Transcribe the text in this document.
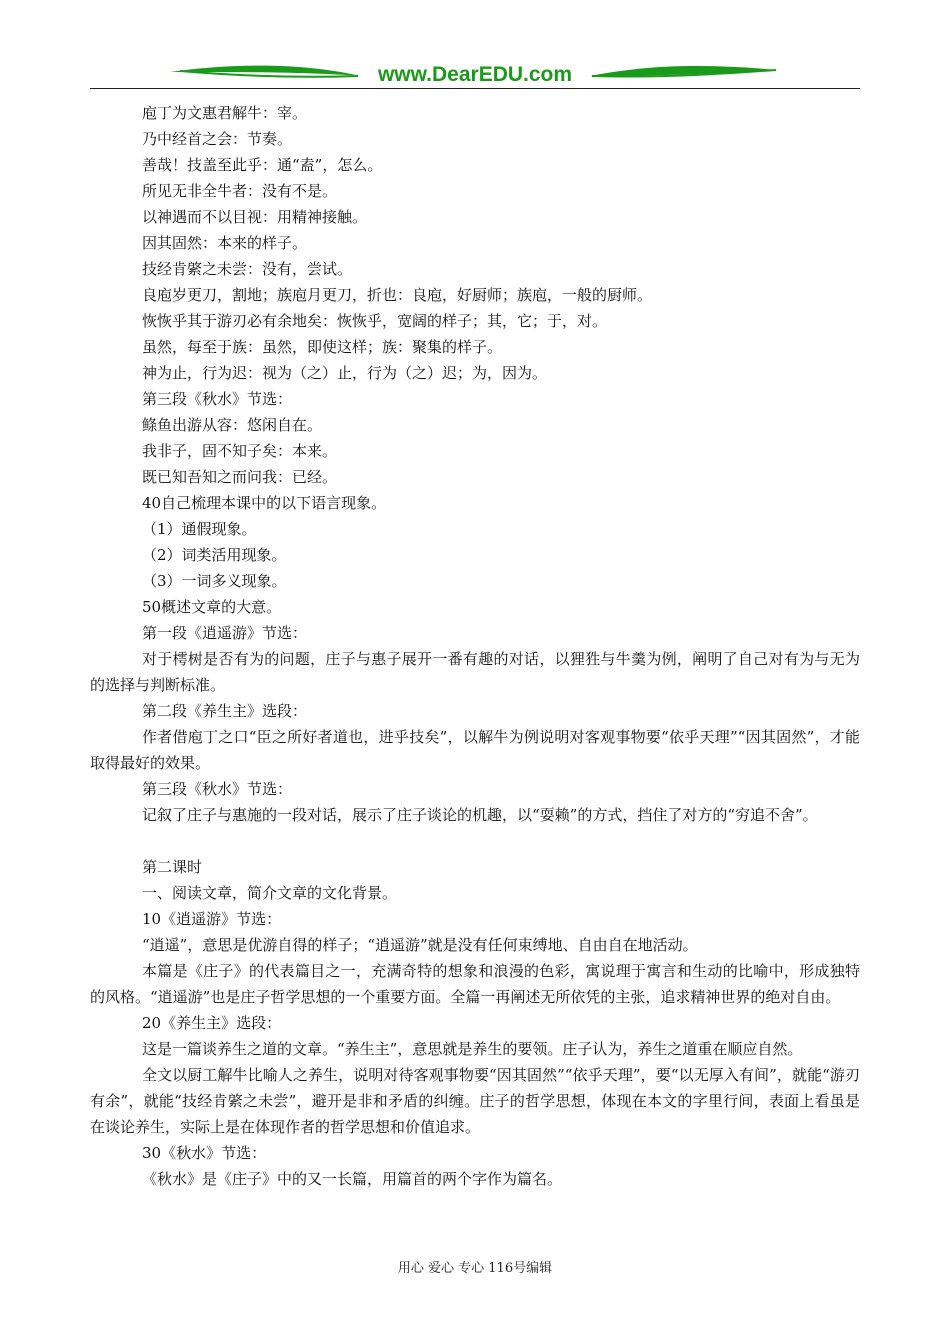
www.DearEDU.com

庖丁为文惠君解牛：宰。

乃中经首之会：节奏。

善哉！技盖至此乎：通“盍”，怎么。

所见无非全牛者：没有不是。

以神遇而不以目视：用精神接触。

因其固然：本来的样子。

技经肯綮之未尝：没有，尝试。

良庖岁更刀，割地；族庖月更刀，折也：良庖，好厨师；族庖，一般的厨师。

恢恢乎其于游刃必有余地矣：恢恢乎，宽阔的样子；其，它；于，对。

虽然，每至于族：虽然，即使这样；族：聚集的样子。

神为止，行为迟：视为（之）止，行为（之）迟；为，因为。

第三段《秋水》节选：

鲦鱼出游从容：悠闲自在。

我非子，固不知子矣：本来。

既已知吾知之而问我：已经。

40自己梳理本课中的以下语言现象。

（1）通假现象。

（2）词类活用现象。

（3）一词多义现象。

50概述文章的大意。

第一段《逍遥游》节选：

对于樗树是否有为的问题，庄子与惠子展开一番有趣的对话，以狸狌与牛羹为例，阐明了自己对有为与无为的选择与判断标准。

第二段《养生主》选段：

作者借庖丁之口“臣之所好者道也，进乎技矣”，以解牛为例说明对客观事物要“依乎天理”“因其固然”，才能取得最好的效果。

第三段《秋水》节选：

记叙了庄子与惠施的一段对话，展示了庄子谈论的机趣，以“耍赖”的方式，挡住了对方的“穷追不舍”。

第二课时

一、阅读文章，简介文章的文化背景。

10《逍遥游》节选：

“逍遥”，意思是优游自得的样子；“逍遥游”就是没有任何束缚地、自由自在地活动。

本篇是《庄子》的代表篇目之一，充满奇特的想象和浪漫的色彩，寓说理于寓言和生动的比喻中，形成独特的风格。“逍遥游”也是庄子哲学思想的一个重要方面。全篇一再阐述无所依凭的主张，追求精神世界的绝对自由。

20《养生主》选段：

这是一篇谈养生之道的文章。“养生主”，意思就是养生的要领。庄子认为，养生之道重在顺应自然。

全文以厨工解牛比喻人之养生，说明对待客观事物要“因其固然”“依乎天理”，要“以无厚入有间”，就能“游刃有余”，就能“技经肯綮之未尝”，避开是非和矛盾的纠缠。庄子的哲学思想，体现在本文的字里行间，表面上看虽是在谈论养生，实际上是在体现作者的哲学思想和价值追求。

30《秋水》节选：

《秋水》是《庄子》中的又一长篇，用篇首的两个字作为篇名。

用心 爱心 专心 116号编辑
